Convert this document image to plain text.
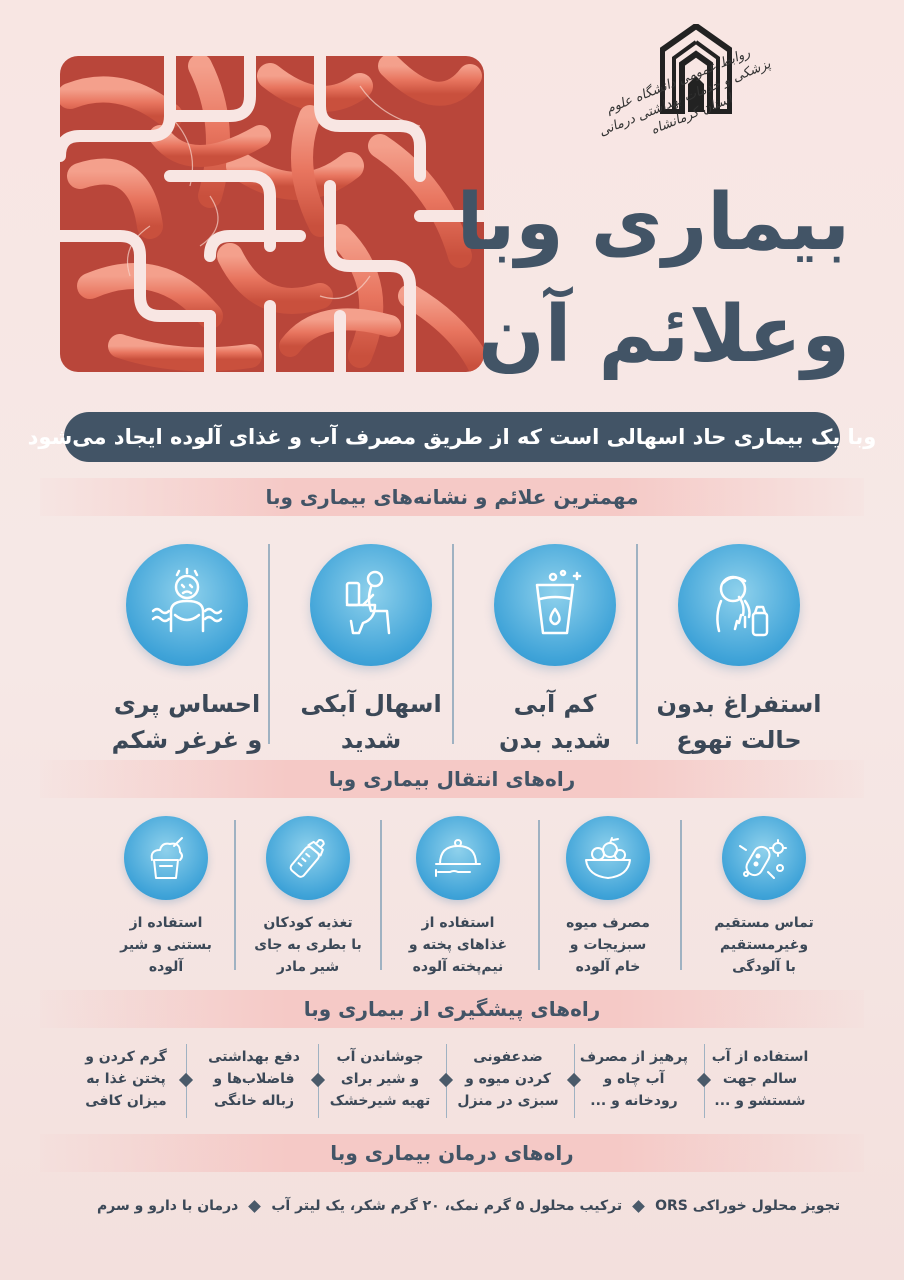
روابط عمومی دانشگاه علوم پزشکی و خدمات بهداشتی درمانی استان کرمانشاه
بیماری وبا
وعلائم آن
وبا یک بیماری حاد اسهالی است که از طریق مصرف آب و غذای آلوده ایجاد می‌شود
مهمترین علائم و نشانه‌های بیماری وبا
استفراغ بدون
حالت تهوع
کم آبی
شدید بدن
اسهال آبکی
شدید
احساس پری
و غرغر شکم
راه‌های انتقال بیماری وبا
تماس مستقیم
وغیرمستقیم
با آلودگی
مصرف میوه
سبزیجات و
خام آلوده
استفاده از
غذاهای پخته و
نیم‌پخته آلوده
تغذیه کودکان
با بطری به جای
شیر مادر
استفاده از
بستنی و شیر
آلوده
راه‌های پیشگیری از بیماری وبا
استفاده از آب
سالم جهت
شستشو و ...
پرهیز از مصرف
آب چاه و
رودخانه و ...
ضدعفونی
کردن میوه و
سبزی در منزل
جوشاندن آب
و شیر برای
تهیه شیرخشک
دفع بهداشتی
فاضلاب‌ها و
زباله خانگی
گرم کردن و
پختن غذا به
میزان کافی
راه‌های درمان بیماری وبا
تجویز محلول خوراکی ORS
ترکیب محلول ۵ گرم نمک، ۲۰ گرم شکر، یک لیتر آب
درمان با دارو و سرم
